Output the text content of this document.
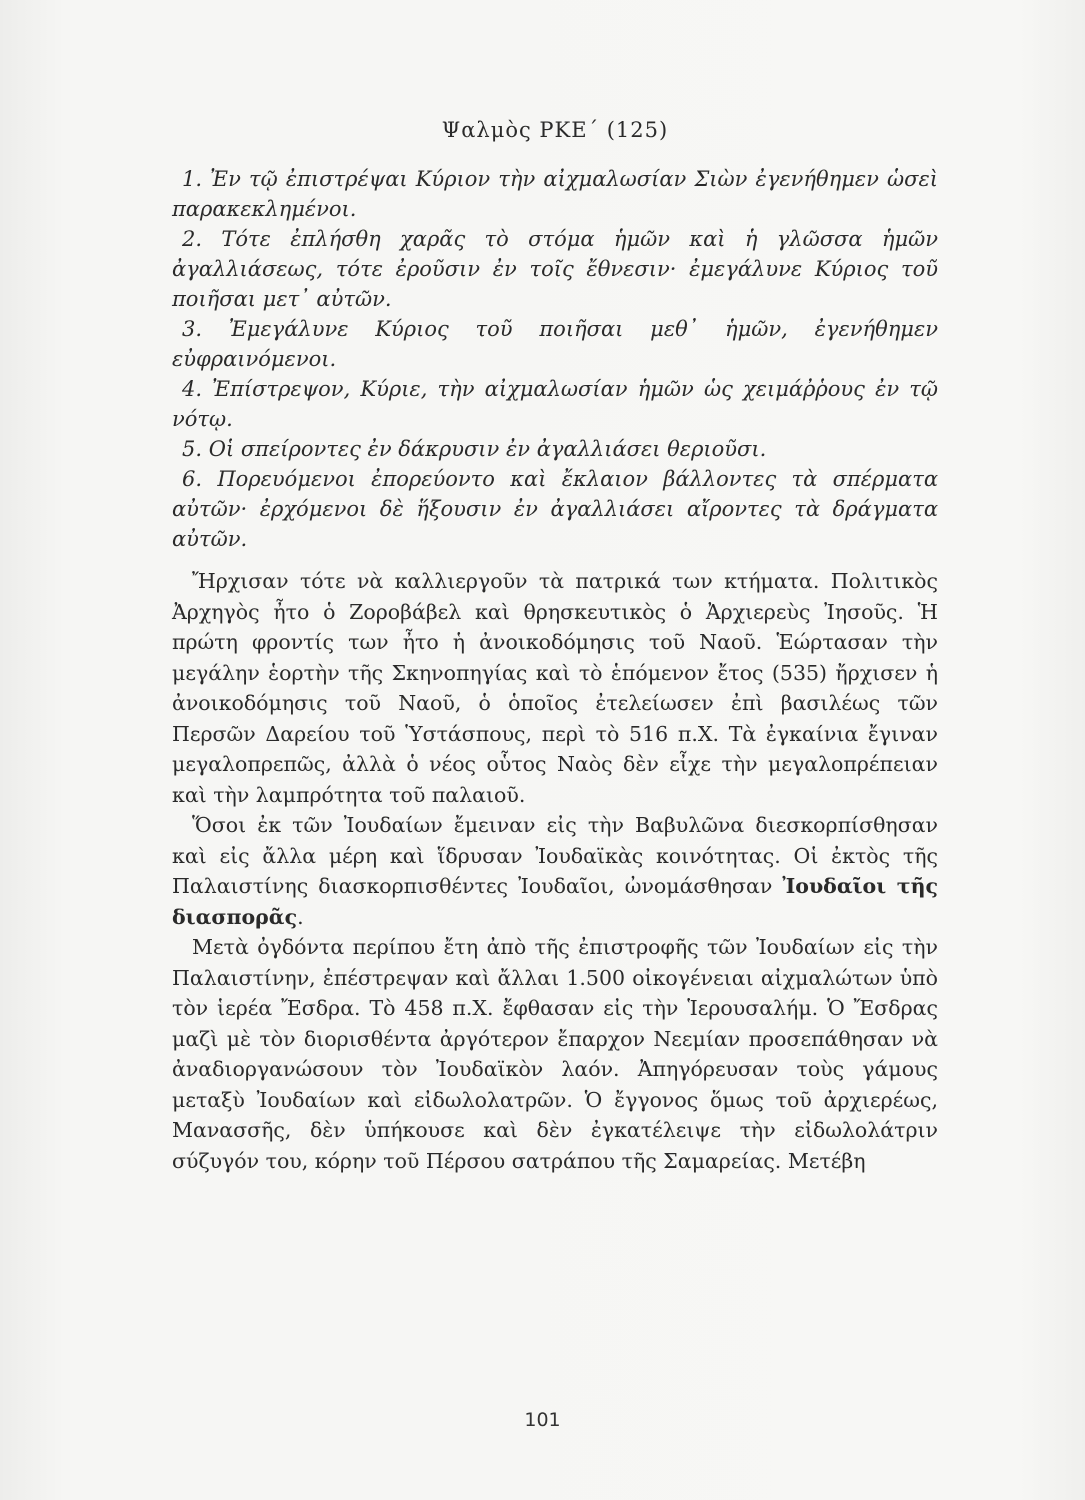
Ψαλμὸς ΡΚΕ΄ (125)

1. Ἐν τῷ ἐπιστρέψαι Κύριον τὴν αἰχμαλωσίαν Σιὼν ἐγενήθημεν ὡσεὶ παρακεκλημένοι.

2. Τότε ἐπλήσθη χαρᾶς τὸ στόμα ἡμῶν καὶ ἡ γλῶσσα ἡμῶν ἀγαλλιάσεως, τότε ἐροῦσιν ἐν τοῖς ἔθνεσιν· ἐμεγάλυνε Κύριος τοῦ ποιῆσαι μετ᾽ αὐτῶν.

3. Ἐμεγάλυνε Κύριος τοῦ ποιῆσαι μεθ᾽ ἡμῶν, ἐγενήθημεν εὐφραινόμενοι.

4. Ἐπίστρεψον, Κύριε, τὴν αἰχμαλωσίαν ἡμῶν ὡς χειμάῤῥους ἐν τῷ νότῳ.

5. Οἱ σπείροντες ἐν δάκρυσιν ἐν ἀγαλλιάσει θεριοῦσι.

6. Πορευόμενοι ἐπορεύοντο καὶ ἔκλαιον βάλλοντες τὰ σπέρματα αὐτῶν· ἐρχόμενοι δὲ ἥξουσιν ἐν ἀγαλλιάσει αἴροντες τὰ δράγματα αὐτῶν.

Ἤρχισαν τότε νὰ καλλιεργοῦν τὰ πατρικά των κτήματα. Πολιτικὸς Ἀρχηγὸς ἦτο ὁ Ζοροβάβελ καὶ θρησκευτικὸς ὁ Ἀρχιερεὺς Ἰησοῦς. Ἡ πρώτη φροντίς των ἦτο ἡ ἀνοικοδόμησις τοῦ Ναοῦ. Ἑώρτασαν τὴν μεγάλην ἑορτὴν τῆς Σκηνοπηγίας καὶ τὸ ἑπόμενον ἔτος (535) ἤρχισεν ἡ ἀνοικοδόμησις τοῦ Ναοῦ, ὁ ὁποῖος ἐτελείωσεν ἐπὶ βασιλέως τῶν Περσῶν Δαρείου τοῦ Ὑστάσπους, περὶ τὸ 516 π.Χ. Τὰ ἐγκαίνια ἔγιναν μεγαλοπρεπῶς, ἀλλὰ ὁ νέος οὗτος Ναὸς δὲν εἶχε τὴν μεγαλοπρέπειαν καὶ τὴν λαμπρότητα τοῦ παλαιοῦ.

Ὅσοι ἐκ τῶν Ἰουδαίων ἔμειναν εἰς τὴν Βαβυλῶνα διεσκορπίσθησαν καὶ εἰς ἄλλα μέρη καὶ ἵδρυσαν Ἰουδαϊκὰς κοινότητας. Οἱ ἐκτὸς τῆς Παλαιστίνης διασκορπισθέντες Ἰουδαῖοι, ὠνομάσθησαν Ἰουδαῖοι τῆς διασπορᾶς.

Μετὰ ὀγδόντα περίπου ἔτη ἀπὸ τῆς ἐπιστροφῆς τῶν Ἰουδαίων εἰς τὴν Παλαιστίνην, ἐπέστρεψαν καὶ ἄλλαι 1.500 οἰκογένειαι αἰχμαλώτων ὑπὸ τὸν ἱερέα Ἔσδρα. Τὸ 458 π.Χ. ἔφθασαν εἰς τὴν Ἱερουσαλήμ. Ὁ Ἔσδρας μαζὶ μὲ τὸν διορισθέντα ἀργότερον ἔπαρχον Νεεμίαν προσεπάθησαν νὰ ἀναδιοργανώσουν τὸν Ἰουδαϊκὸν λαόν. Ἀπηγόρευσαν τοὺς γάμους μεταξὺ Ἰουδαίων καὶ εἰδωλολατρῶν. Ὁ ἔγγονος ὅμως τοῦ ἀρχιερέως, Μανασσῆς, δὲν ὑπήκουσε καὶ δὲν ἐγκατέλειψε τὴν εἰδωλολάτριν σύζυγόν του, κόρην τοῦ Πέρσου σατράπου τῆς Σαμαρείας. Μετέβη

101
